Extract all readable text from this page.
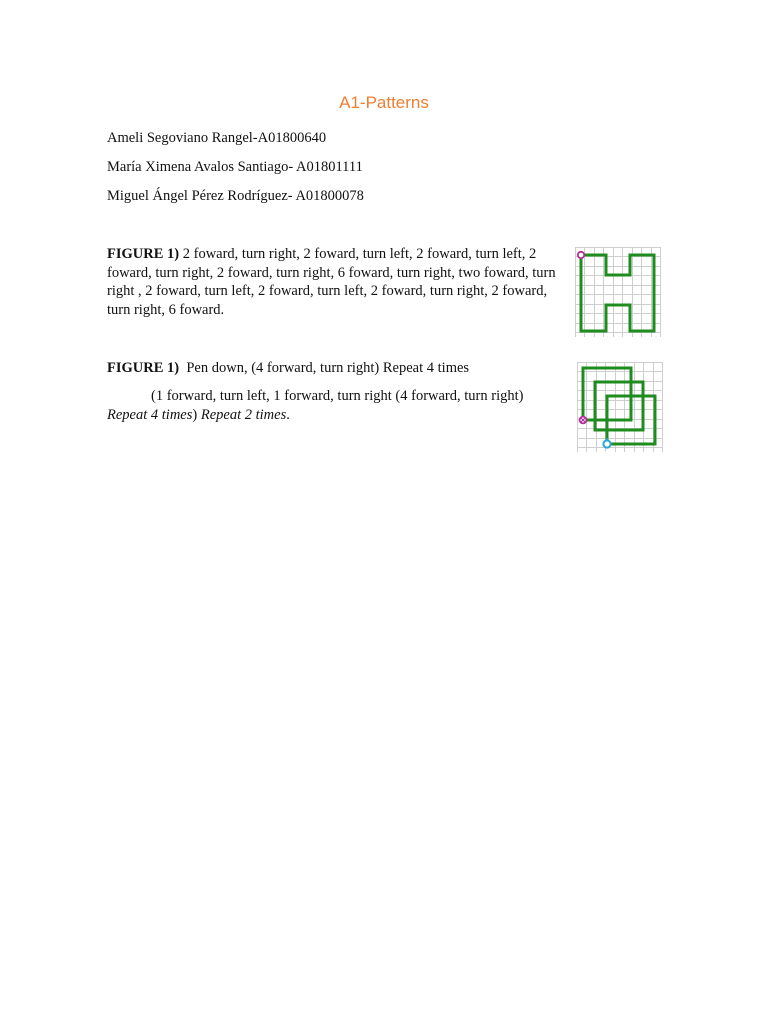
A1-Patterns
Ameli Segoviano Rangel-A01800640
María Ximena Avalos Santiago- A01801111
Miguel Ángel Pérez Rodríguez- A01800078
FIGURE 1) 2 foward, turn right, 2 foward, turn left, 2 foward, turn left, 2 foward, turn right, 2 foward, turn right, 6 foward, turn right, two foward, turn right , 2 foward, turn left, 2 foward, turn left, 2 foward, turn right, 2 foward, turn right, 6 foward.
FIGURE 1)  Pen down, (4 forward, turn right) Repeat 4 times
(1 forward, turn left, 1 forward, turn right (4 forward, turn right)
Repeat 4 times) Repeat 2 times.
